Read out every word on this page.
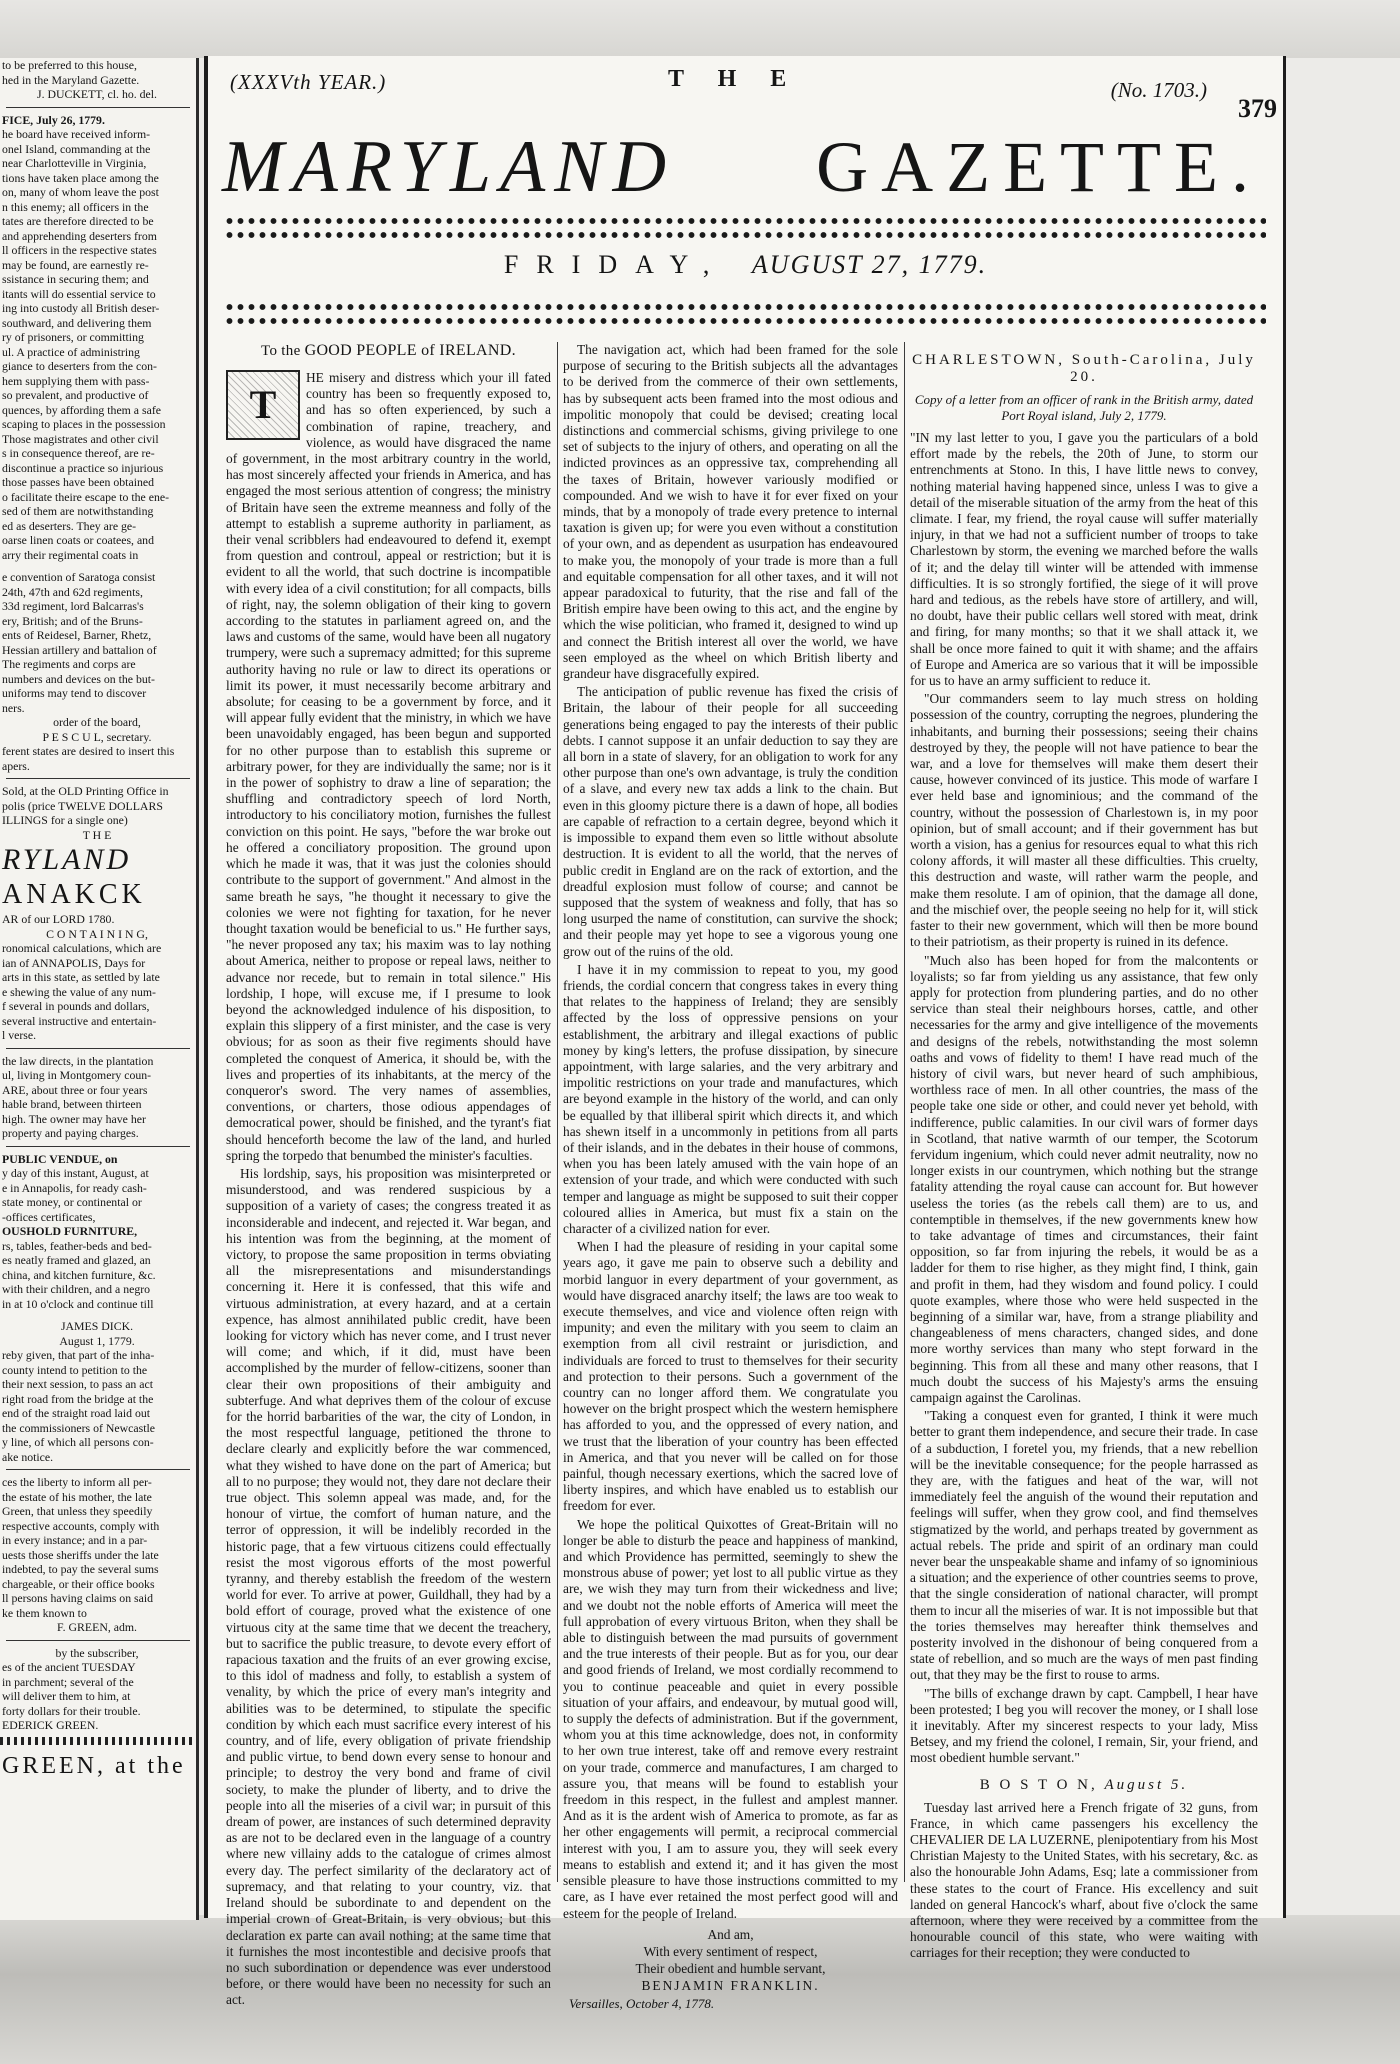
to be preferred to this house,
hed in the Maryland Gazette.
J. DUCKETT, cl. ho. del.
FICE, July 26, 1779.
he board have received inform-
onel Island, commanding at the
near Charlotteville in Virginia,
tions have taken place among the
on, many of whom leave the post
n this enemy; all officers in the
tates are therefore directed to be
and apprehending deserters from
ll officers in the respective states
may be found, are earnestly re-
ssistance in securing them; and
itants will do essential service to
ing into custody all British deser-
southward, and delivering them
ry of prisoners, or committing
ul. A practice of administring
giance to deserters from the con-
hem supplying them with pass-
so prevalent, and productive of
quences, by affording them a safe
scaping to places in the possession
Those magistrates and other civil
s in consequence thereof, are re-
discontinue a practice so injurious
those passes have been obtained
o facilitate theire escape to the ene-
sed of them are notwithstanding
ed as deserters. They are ge-
oarse linen coats or coatees, and
arry their regimental coats in
e convention of Saratoga consist
24th, 47th and 62d regiments,
33d regiment, lord Balcarras's
ery, British; and of the Bruns-
ents of Reidesel, Barner, Rhetz,
Hessian artillery and battalion of
The regiments and corps are
numbers and devices on the but-
uniforms may tend to discover
ners.
order of the board,
P E S C U L, secretary.
ferent states are desired to insert this
apers.
Sold, at the OLD Printing Office in
polis (price TWELVE DOLLARS
ILLINGS for a single one)
T H E
RYLAND
ANAKCK
AR of our LORD 1780.
C O N T A I N I N G,
ronomical calculations, which are
ian of ANNAPOLIS, Days for
arts in this state, as settled by late
e shewing the value of any num-
f several in pounds and dollars,
several instructive and entertain-
l verse.
the law directs, in the plantation
ul, living in Montgomery coun-
ARE, about three or four years
hable brand, between thirteen
high. The owner may have her
property and paying charges.
PUBLIC VENDUE, on
y day of this instant, August, at
e in Annapolis, for ready cash-
state money, or continental or
-offices certificates,
OUSHOLD FURNITURE,
rs, tables, feather-beds and bed-
es neatly framed and glazed, an
china, and kitchen furniture, &c.
with their children, and a negro
in at 10 o'clock and continue till
JAMES DICK.
August 1, 1779.
reby given, that part of the inha-
county intend to petition to the
their next session, to pass an act
right road from the bridge at the
end of the straight road laid out
the commissioners of Newcastle
y line, of which all persons con-
ake notice.
ces the liberty to inform all per-
the estate of his mother, the late
Green, that unless they speedily
respective accounts, comply with
in every instance; and in a par-
uests those sheriffs under the late
indebted, to pay the several sums
chargeable, or their office books
ll persons having claims on said
ke them known to
F. GREEN, adm.
by the subscriber,
es of the ancient TUESDAY
in parchment; several of the
will deliver them to him, at
forty dollars for their trouble.
EDERICK GREEN.
GREEN, at the
(XXXVth YEAR.)	T H E	(No. 1703.)
379
MARYLAND GAZETTE.
FRIDAY, AUGUST 27, 1779.
To the GOOD PEOPLE of IRELAND.
T

HE misery and distress which your ill fated country has been so frequently exposed to, and has so often experienced, by such a combination of rapine, treachery, and violence, as would have disgraced the name of government, in the most arbitrary country in the world, has most sincerely affected your friends in America, and has engaged the most serious attention of congress; the ministry of Britain have seen the extreme meanness and folly of the attempt to establish a supreme authority in parliament, as their venal scribblers had endeavoured to defend it, exempt from question and controul, appeal or restriction; but it is evident to all the world, that such doctrine is incompatible with every idea of a civil constitution; for all compacts, bills of right, nay, the solemn obligation of their king to govern according to the statutes in parliament agreed on, and the laws and customs of the same, would have been all nugatory trumpery, were such a supremacy admitted; for this supreme authority having no rule or law to direct its operations or limit its power, it must necessarily become arbitrary and absolute; for ceasing to be a government by force, and it will appear fully evident that the ministry, in which we have been unavoidably engaged, has been begun and supported for no other purpose than to establish this supreme or arbitrary power, for they are individually the same; nor is it in the power of sophistry to draw a line of separation; the shuffling and contradictory speech of lord North, introductory to his conciliatory motion, furnishes the fullest conviction on this point. He says, "before the war broke out he offered a conciliatory proposition. The ground upon which he made it was, that it was just the colonies should contribute to the support of government." And almost in the same breath he says, "he thought it necessary to give the colonies we were not fighting for taxation, for he never thought taxation would be beneficial to us." He further says, "he never proposed any tax; his maxim was to lay nothing about America, neither to propose or repeal laws, neither to advance nor recede, but to remain in total silence." His lordship, I hope, will excuse me, if I presume to look beyond the acknowledged indulence of his disposition, to explain this slippery of a first minister, and the case is very obvious; for as soon as their five regiments should have completed the conquest of America, it should be, with the lives and properties of its inhabitants, at the mercy of the conqueror's sword. The very names of assemblies, conventions, or charters, those odious appendages of democratical power, should be finished, and the tyrant's fiat should henceforth become the law of the land, and hurled spring the torpedo that benumbed the minister's faculties.

His lordship, says, his proposition was misinterpreted or misunderstood, and was rendered suspicious by a supposition of a variety of cases; the congress treated it as inconsiderable and indecent, and rejected it. War began, and his intention was from the beginning, at the moment of victory, to propose the same proposition in terms obviating all the misrepresentations and misunderstandings concerning it. Here it is confessed, that this wife and virtuous administration, at every hazard, and at a certain expence, has almost annihilated public credit, have been looking for victory which has never come, and I trust never will come; and which, if it did, must have been accomplished by the murder of fellow-citizens, sooner than clear their own propositions of their ambiguity and subterfuge. And what deprives them of the colour of excuse for the horrid barbarities of the war, the city of London, in the most respectful language, petitioned the throne to declare clearly and explicitly before the war commenced, what they wished to have done on the part of America; but all to no purpose; they would not, they dare not declare their true object. This solemn appeal was made, and, for the honour of virtue, the comfort of human nature, and the terror of oppression, it will be indelibly recorded in the historic page, that a few virtuous citizens could effectually resist the most vigorous efforts of the most powerful tyranny, and thereby establish the freedom of the western world for ever. To arrive at power, Guildhall, they had by a bold effort of courage, proved what the existence of one virtuous city at the same time that we decent the treachery, but to sacrifice the public treasure, to devote every effort of rapacious taxation and the fruits of an ever growing excise, to this idol of madness and folly, to establish a system of venality, by which the price of every man's integrity and abilities was to be determined, to stipulate the specific condition by which each must sacrifice every interest of his country, and of life, every obligation of private friendship and public virtue, to bend down every sense to honour and principle; to destroy the very bond and frame of civil society, to make the plunder of liberty, and to drive the people into all the miseries of a civil war; in pursuit of this dream of power, are instances of such determined depravity as are not to be declared even in the language of a country where new villainy adds to the catalogue of crimes almost every day. The perfect similarity of the declaratory act of supremacy, and that relating to your country, viz. that Ireland should be subordinate to and dependent on the imperial crown of Great-Britain, is very obvious; but this declaration ex parte can avail nothing; at the same time that it furnishes the most incontestible and decisive proofs that no such subordination or dependence was ever understood before, or there would have been no necessity for such an act.

The navigation act, which had been framed for the sole purpose of securing to the British subjects all the advantages to be derived from the commerce of their own settlements, has by subsequent acts been framed into the most odious and impolitic monopoly that could be devised; creating local distinctions and commercial schisms, giving privilege to one set of subjects to the injury of others, and operating on all the indicted provinces as an oppressive tax, comprehending all the taxes of Britain, however variously modified or compounded. And we wish to have it for ever fixed on your minds, that by a monopoly of trade every pretence to internal taxation is given up; for were you even without a constitution of your own, and as dependent as usurpation has endeavoured to make you, the monopoly of your trade is more than a full and equitable compensation for all other taxes, and it will not appear paradoxical to futurity, that the rise and fall of the British empire have been owing to this act, and the engine by which the wise politician, who framed it, designed to wind up and connect the British interest all over the world, we have seen employed as the wheel on which British liberty and grandeur have disgracefully expired.

The anticipation of public revenue has fixed the crisis of Britain, the labour of their people for all succeeding generations being engaged to pay the interests of their public debts. I cannot suppose it an unfair deduction to say they are all born in a state of slavery, for an obligation to work for any other purpose than one's own advantage, is truly the condition of a slave, and every new tax adds a link to the chain. But even in this gloomy picture there is a dawn of hope, all bodies are capable of refraction to a certain degree, beyond which it is impossible to expand them even so little without absolute destruction. It is evident to all the world, that the nerves of public credit in England are on the rack of extortion, and the dreadful explosion must follow of course; and cannot be supposed that the system of weakness and folly, that has so long usurped the name of constitution, can survive the shock; and their people may yet hope to see a vigorous young one grow out of the ruins of the old.

I have it in my commission to repeat to you, my good friends, the cordial concern that congress takes in every thing that relates to the happiness of Ireland; they are sensibly affected by the loss of oppressive pensions on your establishment, the arbitrary and illegal exactions of public money by king's letters, the profuse dissipation, by sinecure appointment, with large salaries, and the very arbitrary and impolitic restrictions on your trade and manufactures, which are beyond example in the history of the world, and can only be equalled by that illiberal spirit which directs it, and which has shewn itself in a uncommonly in petitions from all parts of their islands, and in the debates in their house of commons, when you has been lately amused with the vain hope of an extension of your trade, and which were conducted with such temper and language as might be supposed to suit their copper coloured allies in America, but must fix a stain on the character of a civilized nation for ever.

When I had the pleasure of residing in your capital some years ago, it gave me pain to observe such a debility and morbid languor in every department of your government, as would have disgraced anarchy itself; the laws are too weak to execute themselves, and vice and violence often reign with impunity; and even the military with you seem to claim an exemption from all civil restraint or jurisdiction, and individuals are forced to trust to themselves for their security and protection to their persons. Such a government of the country can no longer afford them. We congratulate you however on the bright prospect which the western hemisphere has afforded to you, and the oppressed of every nation, and we trust that the liberation of your country has been effected in America, and that you never will be called on for those painful, though necessary exertions, which the sacred love of liberty inspires, and which have enabled us to establish our freedom for ever.

We hope the political Quixottes of Great-Britain will no longer be able to disturb the peace and happiness of mankind, and which Providence has permitted, seemingly to shew the monstrous abuse of power; yet lost to all public virtue as they are, we wish they may turn from their wickedness and live; and we doubt not the noble efforts of America will meet the full approbation of every virtuous Briton, when they shall be able to distinguish between the mad pursuits of government and the true interests of their people. But as for you, our dear and good friends of Ireland, we most cordially recommend to you to continue peaceable and quiet in every possible situation of your affairs, and endeavour, by mutual good will, to supply the defects of administration. But if the government, whom you at this time acknowledge, does not, in conformity to her own true interest, take off and remove every restraint on your trade, commerce and manufactures, I am charged to assure you, that means will be found to establish your freedom in this respect, in the fullest and amplest manner. And as it is the ardent wish of America to promote, as far as her other engagements will permit, a reciprocal commercial interest with you, I am to assure you, they will seek every means to establish and extend it; and it has given the most sensible pleasure to have those instructions committed to my care, as I have ever retained the most perfect good will and esteem for the people of Ireland.

And am,
With every sentiment of respect,
Their obedient and humble servant,
BENJAMIN FRANKLIN.
Versailles, October 4, 1778.
CHARLESTOWN, South-Carolina, July 20.
Copy of a letter from an officer of rank in the British army, dated Port Royal island, July 2, 1779.

"IN my last letter to you, I gave you the particulars of a bold effort made by the rebels, the 20th of June, to storm our entrenchments at Stono. In this, I have little news to convey, nothing material having happened since, unless I was to give a detail of the miserable situation of the army from the heat of this climate. I fear, my friend, the royal cause will suffer materially injury, in that we had not a sufficient number of troops to take Charlestown by storm, the evening we marched before the walls of it; and the delay till winter will be attended with immense difficulties. It is so strongly fortified, the siege of it will prove hard and tedious, as the rebels have store of artillery, and will, no doubt, have their public cellars well stored with meat, drink and firing, for many months; so that it we shall attack it, we shall be once more fained to quit it with shame; and the affairs of Europe and America are so various that it will be impossible for us to have an army sufficient to reduce it.

"Our commanders seem to lay much stress on holding possession of the country, corrupting the negroes, plundering the inhabitants, and burning their possessions; seeing their chains destroyed by they, the people will not have patience to bear the war, and a love for themselves will make them desert their cause, however convinced of its justice. This mode of warfare I ever held base and ignominious; and the command of the country, without the possession of Charlestown is, in my poor opinion, but of small account; and if their government has but worth a vision, has a genius for resources equal to what this rich colony affords, it will master all these difficulties. This cruelty, this destruction and waste, will rather warm the people, and make them resolute. I am of opinion, that the damage all done, and the mischief over, the people seeing no help for it, will stick faster to their new government, which will then be more bound to their patriotism, as their property is ruined in its defence.

"Much also has been hoped for from the malcontents or loyalists; so far from yielding us any assistance, that few only apply for protection from plundering parties, and do no other service than steal their neighbours horses, cattle, and other necessaries for the army and give intelligence of the movements and designs of the rebels, notwithstanding the most solemn oaths and vows of fidelity to them! I have read much of the history of civil wars, but never heard of such amphibious, worthless race of men. In all other countries, the mass of the people take one side or other, and could never yet behold, with indifference, public calamities. In our civil wars of former days in Scotland, that native warmth of our temper, the Scotorum fervidum ingenium, which could never admit neutrality, now no longer exists in our countrymen, which nothing but the strange fatality attending the royal cause can account for. But however useless the tories (as the rebels call them) are to us, and contemptible in themselves, if the new governments knew how to take advantage of times and circumstances, their faint opposition, so far from injuring the rebels, it would be as a ladder for them to rise higher, as they might find, I think, gain and profit in them, had they wisdom and found policy. I could quote examples, where those who were held suspected in the beginning of a similar war, have, from a strange pliability and changeableness of mens characters, changed sides, and done more worthy services than many who stept forward in the beginning. This from all these and many other reasons, that I much doubt the success of his Majesty's arms the ensuing campaign against the Carolinas.

"Taking a conquest even for granted, I think it were much better to grant them independence, and secure their trade. In case of a subduction, I foretel you, my friends, that a new rebellion will be the inevitable consequence; for the people harrassed as they are, with the fatigues and heat of the war, will not immediately feel the anguish of the wound their reputation and feelings will suffer, when they grow cool, and find themselves stigmatized by the world, and perhaps treated by government as actual rebels. The pride and spirit of an ordinary man could never bear the unspeakable shame and infamy of so ignominious a situation; and the experience of other countries seems to prove, that the single consideration of national character, will prompt them to incur all the miseries of war. It is not impossible but that the tories themselves may hereafter think themselves and posterity involved in the dishonour of being conquered from a state of rebellion, and so much are the ways of men past finding out, that they may be the first to rouse to arms.

"The bills of exchange drawn by capt. Campbell, I hear have been protested; I beg you will recover the money, or I shall lose it inevitably. After my sincerest respects to your lady, Miss Betsey, and my friend the colonel, I remain, Sir, your friend, and most obedient humble servant."

B O S T O N, August 5.

Tuesday last arrived here a French frigate of 32 guns, from France, in which came passengers his excellency the CHEVALIER DE LA LUZERNE, plenipotentiary from his Most Christian Majesty to the United States, with his secretary, &c. as also the honourable John Adams, Esq; late a commissioner from these states to the court of France. His excellency and suit landed on general Hancock's wharf, about five o'clock the same afternoon, where they were received by a committee from the honourable council of this state, who were waiting with carriages for their reception; they were conducted to
